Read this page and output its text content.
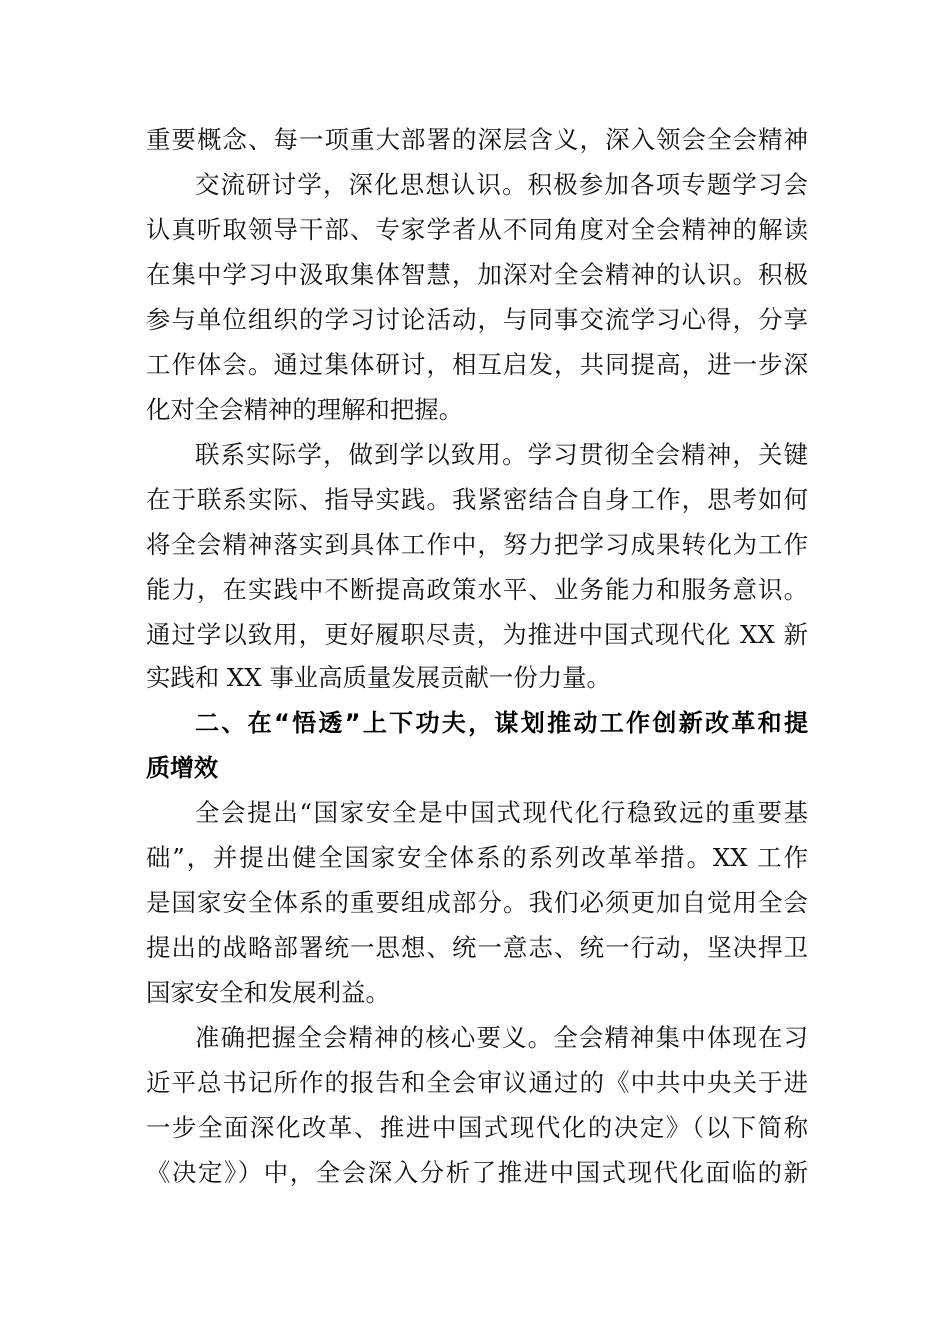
重要概念、每一项重大部署的深层含义，深入领会全会精神
交流研讨学，深化思想认识。积极参加各项专题学习会
认真听取领导干部、专家学者从不同角度对全会精神的解读
在集中学习中汲取集体智慧，加深对全会精神的认识。积极
参与单位组织的学习讨论活动，与同事交流学习心得，分享
工作体会。通过集体研讨，相互启发，共同提高，进一步深
化对全会精神的理解和把握。
联系实际学，做到学以致用。学习贯彻全会精神，关键
在于联系实际、指导实践。我紧密结合自身工作，思考如何
将全会精神落实到具体工作中，努力把学习成果转化为工作
能力，在实践中不断提高政策水平、业务能力和服务意识。
通过学以致用，更好履职尽责，为推进中国式现代化 XX 新
实践和 XX 事业高质量发展贡献一份力量。
二、在“悟透”上下功夫，谋划推动工作创新改革和提
质增效
全会提出“国家安全是中国式现代化行稳致远的重要基
础”，并提出健全国家安全体系的系列改革举措。XX 工作
是国家安全体系的重要组成部分。我们必须更加自觉用全会
提出的战略部署统一思想、统一意志、统一行动，坚决捍卫
国家安全和发展利益。
准确把握全会精神的核心要义。全会精神集中体现在习
近平总书记所作的报告和全会审议通过的《中共中央关于进
一步全面深化改革、推进中国式现代化的决定》（以下简称
《决定》）中，全会深入分析了推进中国式现代化面临的新
